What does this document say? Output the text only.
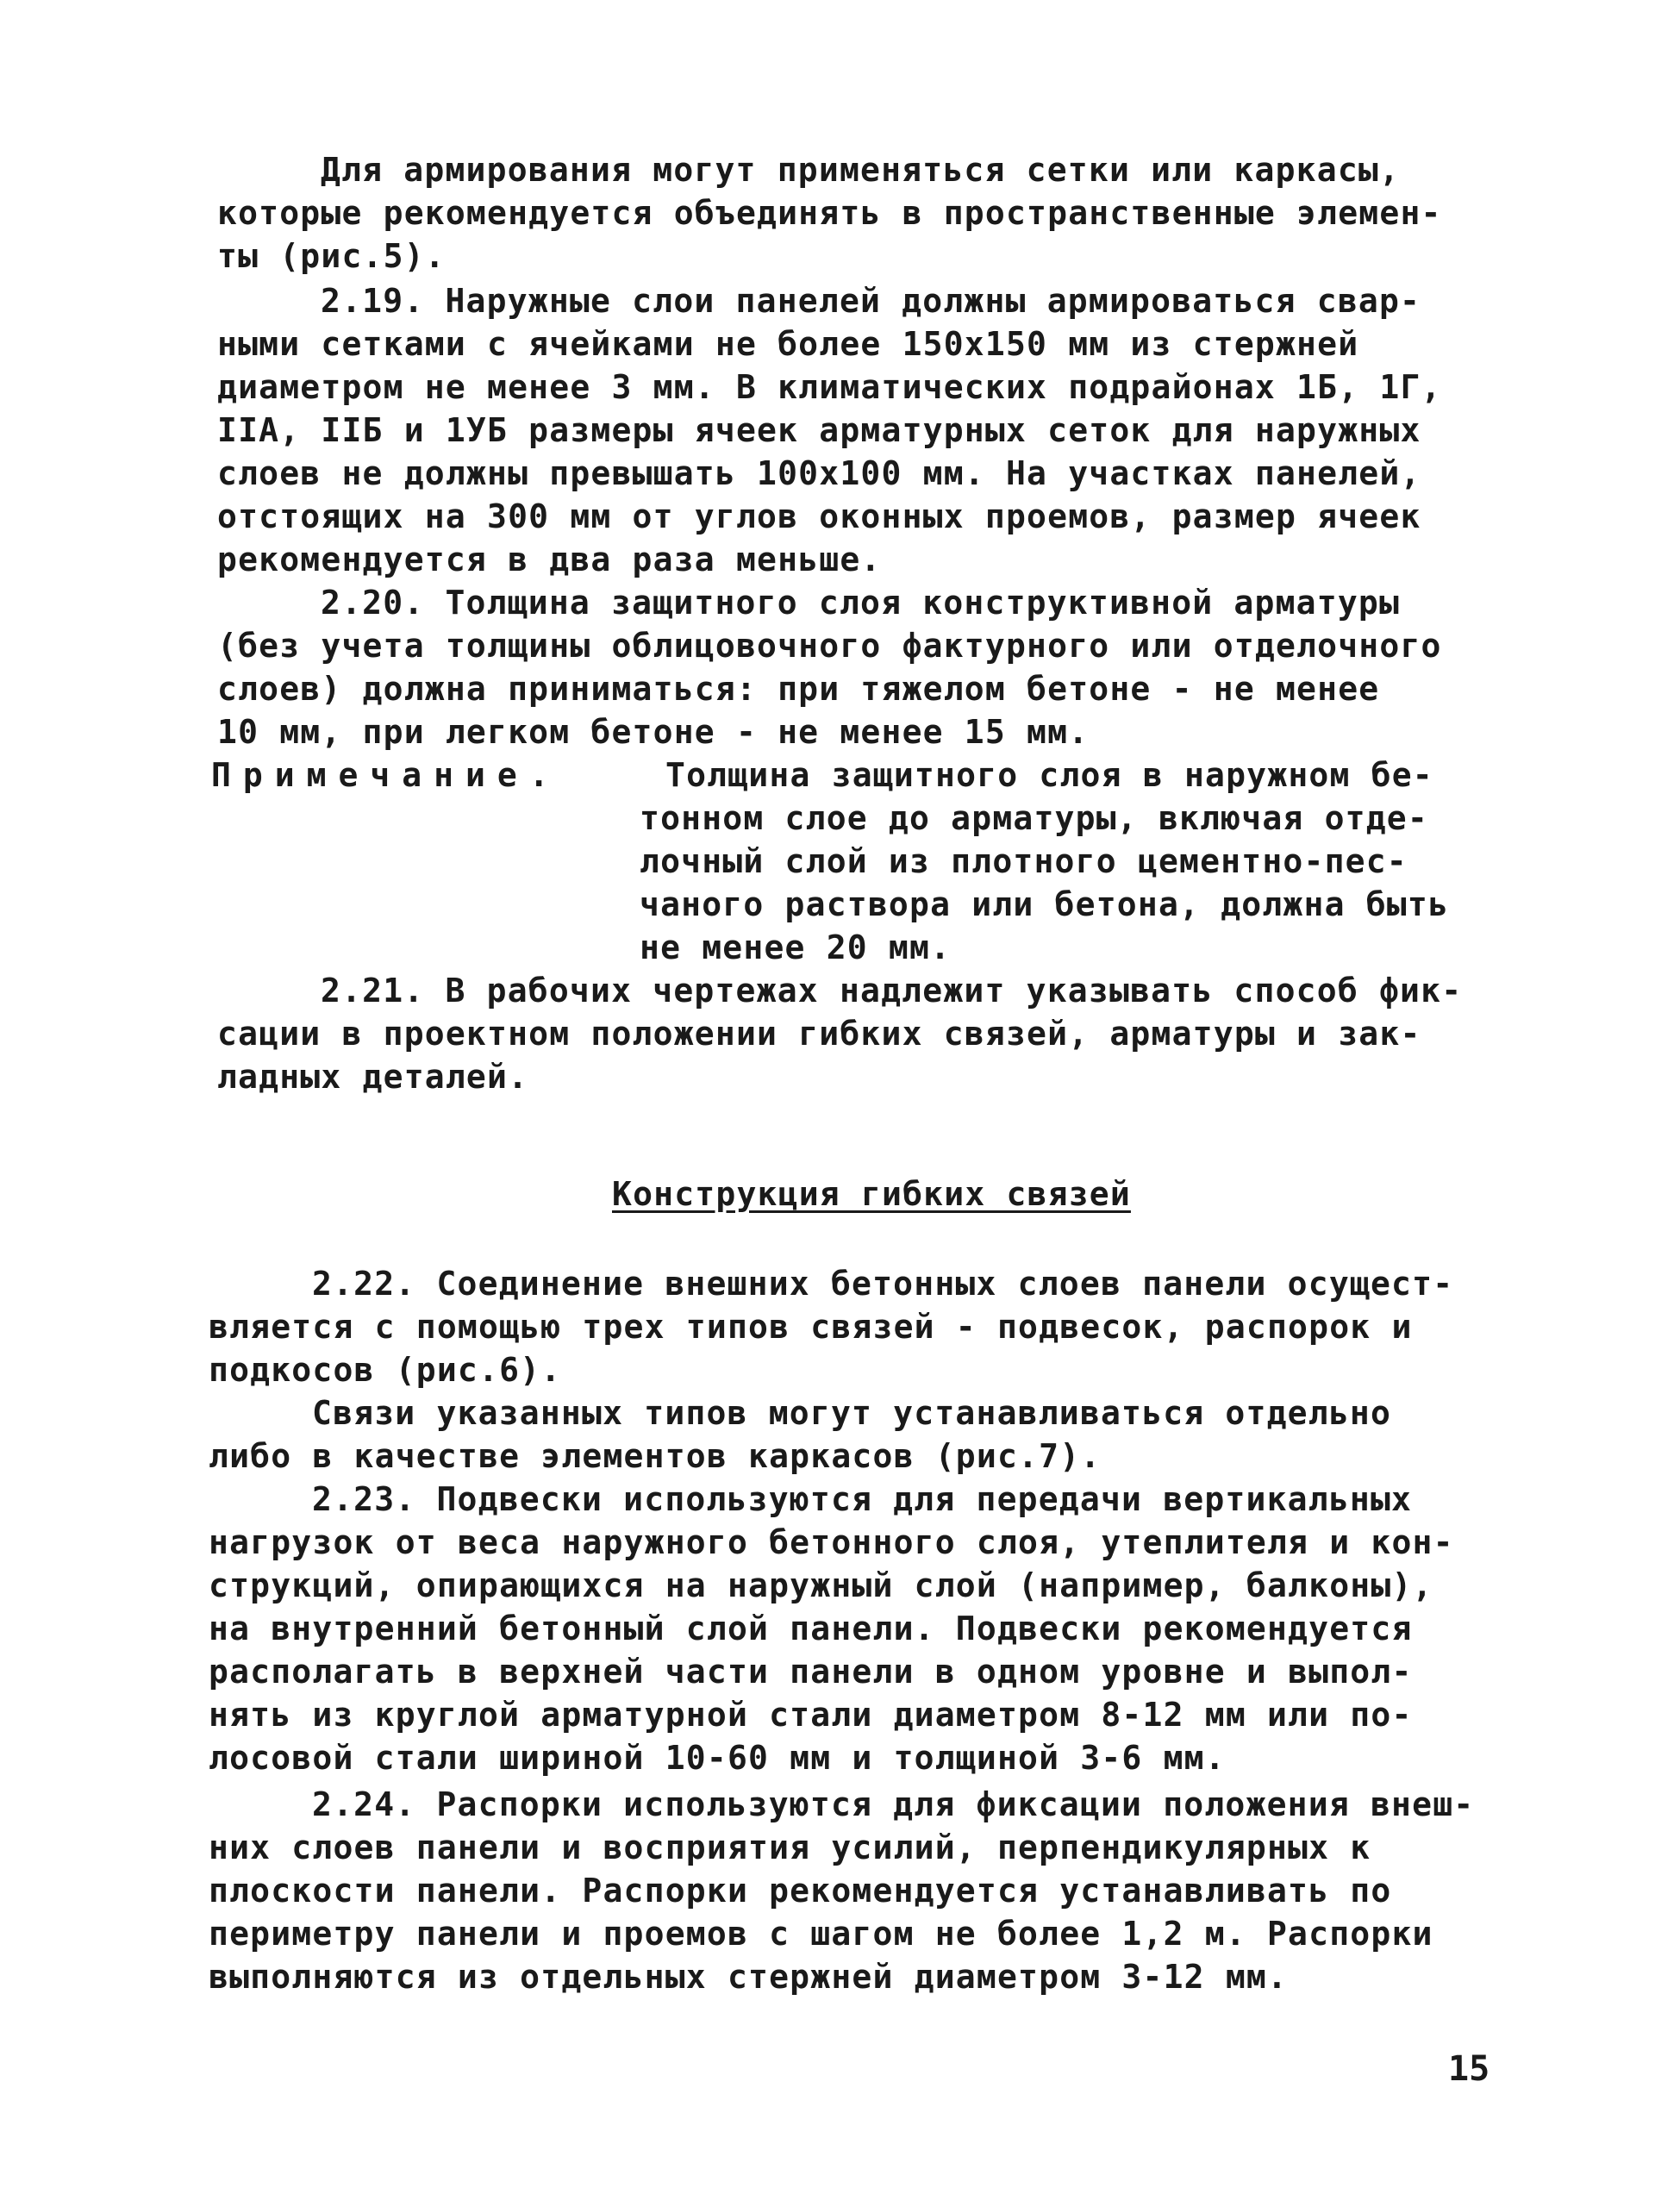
Для армирования могут применяться сетки или каркасы,
которые рекомендуется объединять в пространственные элемен-
ты (рис.5).
2.19. Наружные слои панелей должны армироваться свар-
ными сетками с ячейками не более 150х150 мм из стержней
диаметром не менее 3 мм. В климатических подрайонах 1Б, 1Г,
IIА, IIБ и 1УБ размеры ячеек арматурных сеток для наружных
слоев не должны превышать 100х100 мм. На участках панелей,
отстоящих на 300 мм от углов оконных проемов, размер ячеек
рекомендуется в два раза меньше.
2.20. Толщина защитного слоя конструктивной арматуры
(без учета толщины облицовочного фактурного или отделочного
слоев) должна приниматься: при тяжелом бетоне - не менее
10 мм, при легком бетоне - не менее 15 мм.
Примечание.	Толщина защитного слоя в наружном бе-
тонном слое до арматуры, включая отде-
лочный слой из плотного цементно-пес-
чаного раствора или бетона, должна быть
не менее 20 мм.
2.21. В рабочих чертежах надлежит указывать способ фик-
сации в проектном положении гибких связей, арматуры и зак-
ладных деталей.
Конструкция гибких связей
2.22. Соединение внешних бетонных слоев панели осущест-
вляется с помощью трех типов связей - подвесок, распорок и
подкосов (рис.6).
Связи указанных типов могут устанавливаться отдельно
либо в качестве элементов каркасов (рис.7).
2.23. Подвески используются для передачи вертикальных
нагрузок от веса наружного бетонного слоя, утеплителя и кон-
струкций, опирающихся на наружный слой (например, балконы),
на внутренний бетонный слой панели. Подвески рекомендуется
располагать в верхней части панели в одном уровне и выпол-
нять из круглой арматурной стали диаметром 8-12 мм или по-
лосовой стали шириной 10-60 мм и толщиной 3-6 мм.
2.24. Распорки используются для фиксации положения внеш-
них слоев панели и восприятия усилий, перпендикулярных к
плоскости панели. Распорки рекомендуется устанавливать по
периметру панели и проемов с шагом не более 1,2 м. Распорки
выполняются из отдельных стержней диаметром 3-12 мм.
15
